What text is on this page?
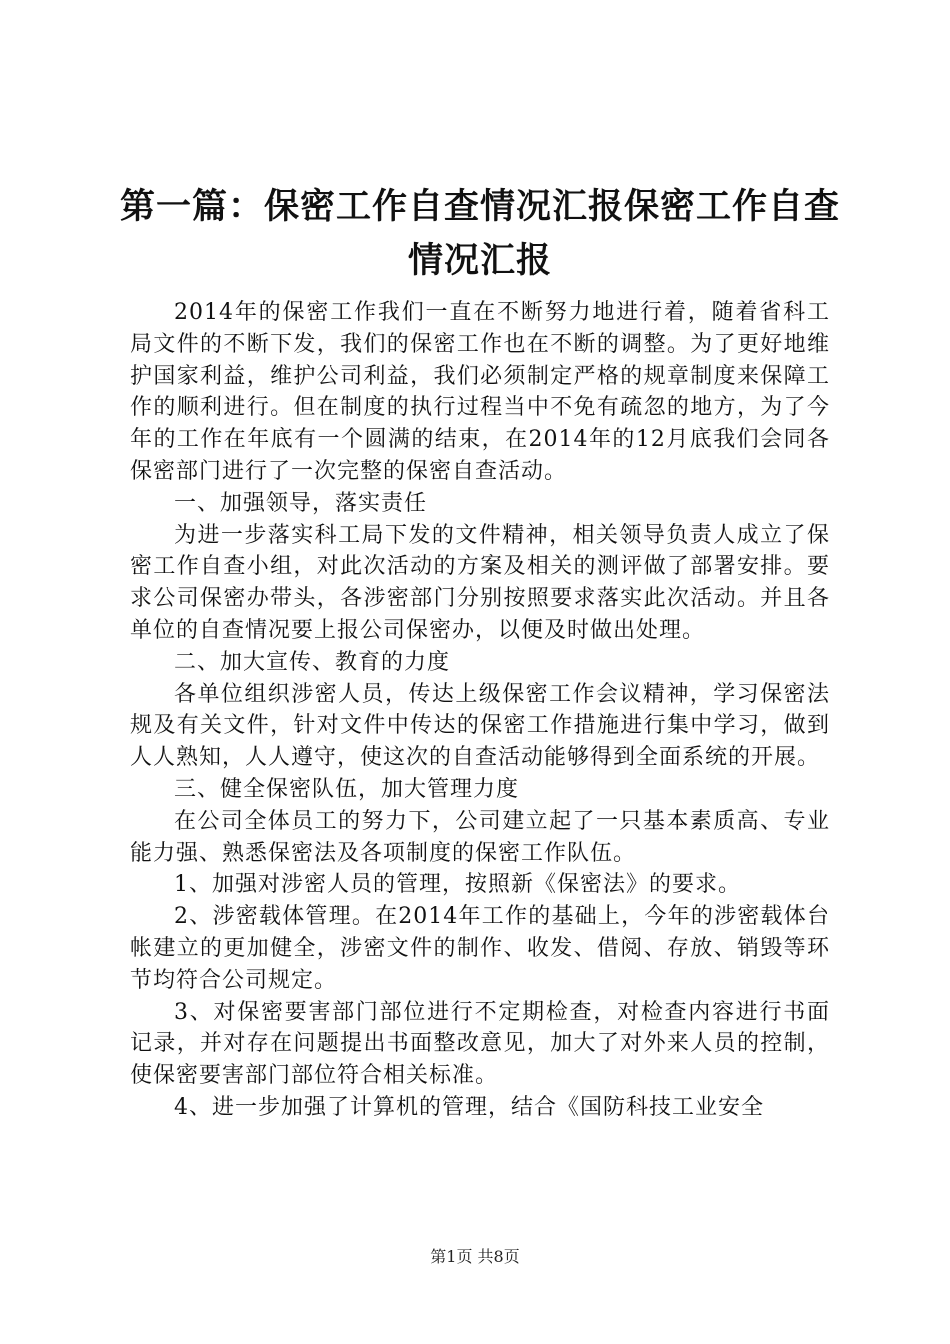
第一篇：保密工作自查情况汇报保密工作自查
情况汇报

2014年的保密工作我们一直在不断努力地进行着，随着省科工局文件的不断下发，我们的保密工作也在不断的调整。为了更好地维护国家利益，维护公司利益，我们必须制定严格的规章制度来保障工作的顺利进行。但在制度的执行过程当中不免有疏忽的地方，为了今年的工作在年底有一个圆满的结束，在2014年的12月底我们会同各保密部门进行了一次完整的保密自查活动。

一、加强领导，落实责任

为进一步落实科工局下发的文件精神，相关领导负责人成立了保密工作自查小组，对此次活动的方案及相关的测评做了部署安排。要求公司保密办带头，各涉密部门分别按照要求落实此次活动。并且各单位的自查情况要上报公司保密办，以便及时做出处理。

二、加大宣传、教育的力度

各单位组织涉密人员，传达上级保密工作会议精神，学习保密法规及有关文件，针对文件中传达的保密工作措施进行集中学习，做到人人熟知，人人遵守，使这次的自查活动能够得到全面系统的开展。

三、健全保密队伍，加大管理力度

在公司全体员工的努力下，公司建立起了一只基本素质高、专业能力强、熟悉保密法及各项制度的保密工作队伍。

1、加强对涉密人员的管理，按照新《保密法》的要求。

2、涉密载体管理。在2014年工作的基础上，今年的涉密载体台帐建立的更加健全，涉密文件的制作、收发、借阅、存放、销毁等环节均符合公司规定。

3、对保密要害部门部位进行不定期检查，对检查内容进行书面记录，并对存在问题提出书面整改意见，加大了对外来人员的控制，使保密要害部门部位符合相关标准。

4、进一步加强了计算机的管理，结合《国防科技工业安全

第1页 共8页
